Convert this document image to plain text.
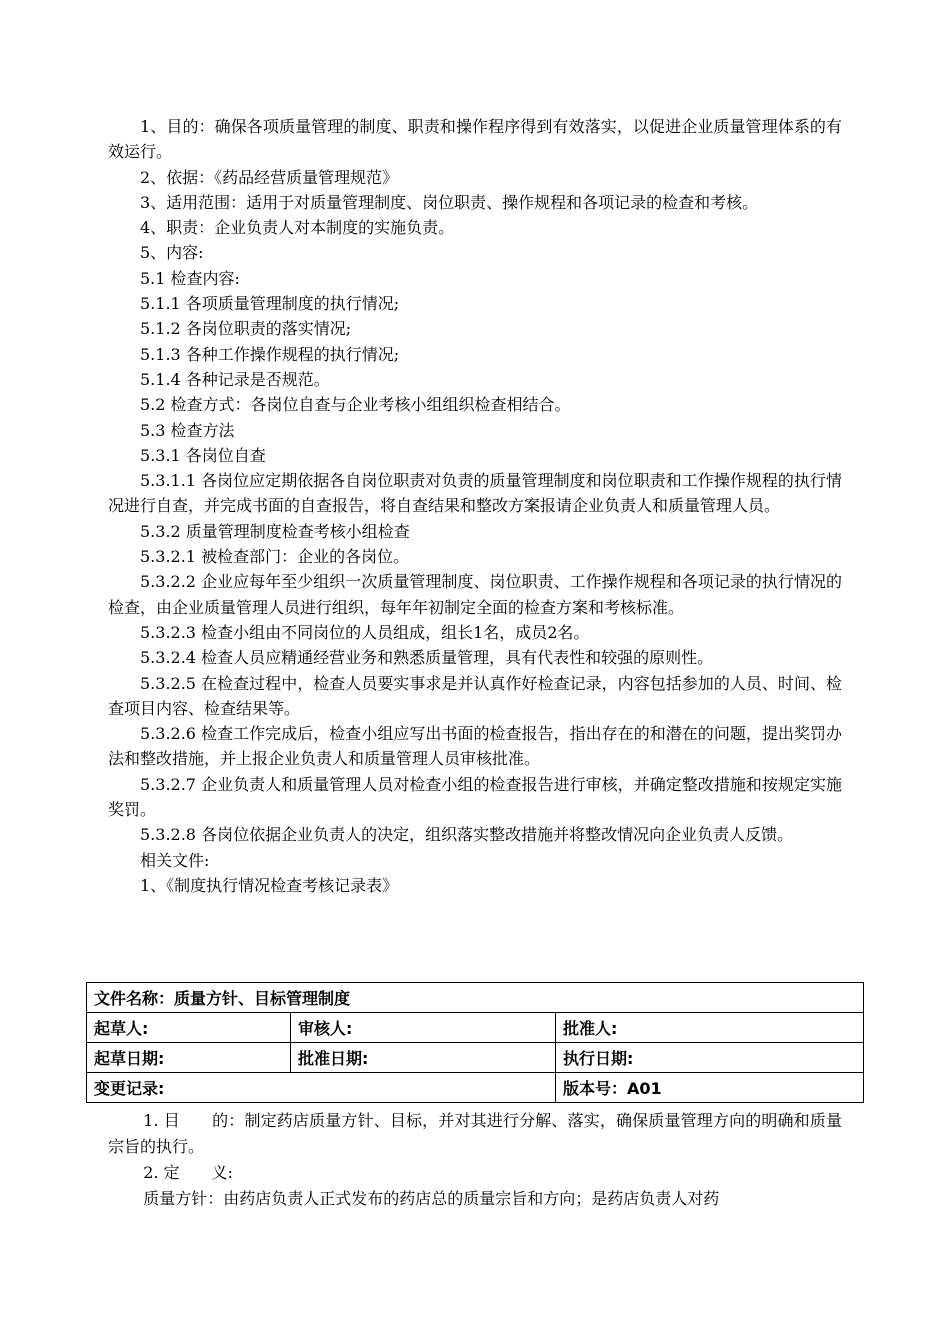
1、目的：确保各项质量管理的制度、职责和操作程序得到有效落实，以促进企业质量管理体系的有效运行。

2、依据：《药品经营质量管理规范》

3、适用范围：适用于对质量管理制度、岗位职责、操作规程和各项记录的检查和考核。

4、职责：企业负责人对本制度的实施负责。

5、内容:

5.1 检查内容:

5.1.1 各项质量管理制度的执行情况;

5.1.2 各岗位职责的落实情况;

5.1.3 各种工作操作规程的执行情况;

5.1.4 各种记录是否规范。

5.2 检查方式：各岗位自查与企业考核小组组织检查相结合。

5.3 检查方法

5.3.1 各岗位自查

5.3.1.1 各岗位应定期依据各自岗位职责对负责的质量管理制度和岗位职责和工作操作规程的执行情况进行自查，并完成书面的自查报告，将自查结果和整改方案报请企业负责人和质量管理人员。

5.3.2 质量管理制度检查考核小组检查

5.3.2.1 被检查部门：企业的各岗位。

5.3.2.2 企业应每年至少组织一次质量管理制度、岗位职责、工作操作规程和各项记录的执行情况的检查，由企业质量管理人员进行组织，每年年初制定全面的检查方案和考核标准。

5.3.2.3 检查小组由不同岗位的人员组成，组长1名，成员2名。

5.3.2.4 检查人员应精通经营业务和熟悉质量管理，具有代表性和较强的原则性。

5.3.2.5 在检查过程中，检查人员要实事求是并认真作好检查记录，内容包括参加的人员、时间、检查项目内容、检查结果等。

5.3.2.6 检查工作完成后，检查小组应写出书面的检查报告，指出存在的和潜在的问题，提出奖罚办法和整改措施，并上报企业负责人和质量管理人员审核批准。

5.3.2.7 企业负责人和质量管理人员对检查小组的检查报告进行审核，并确定整改措施和按规定实施奖罚。

5.3.2.8 各岗位依据企业负责人的决定，组织落实整改措施并将整改情况向企业负责人反馈。

相关文件:

1、《制度执行情况检查考核记录表》

文件名称：质量方针、目标管理制度		
起草人:	审核人:	批准人:
起草日期:	批准日期:	执行日期:
变更记录:		版本号：A01

1. 目　　的：制定药店质量方针、目标，并对其进行分解、落实，确保质量管理方向的明确和质量宗旨的执行。

2. 定　　义:

质量方针：由药店负责人正式发布的药店总的质量宗旨和方向；是药店负责人对药
